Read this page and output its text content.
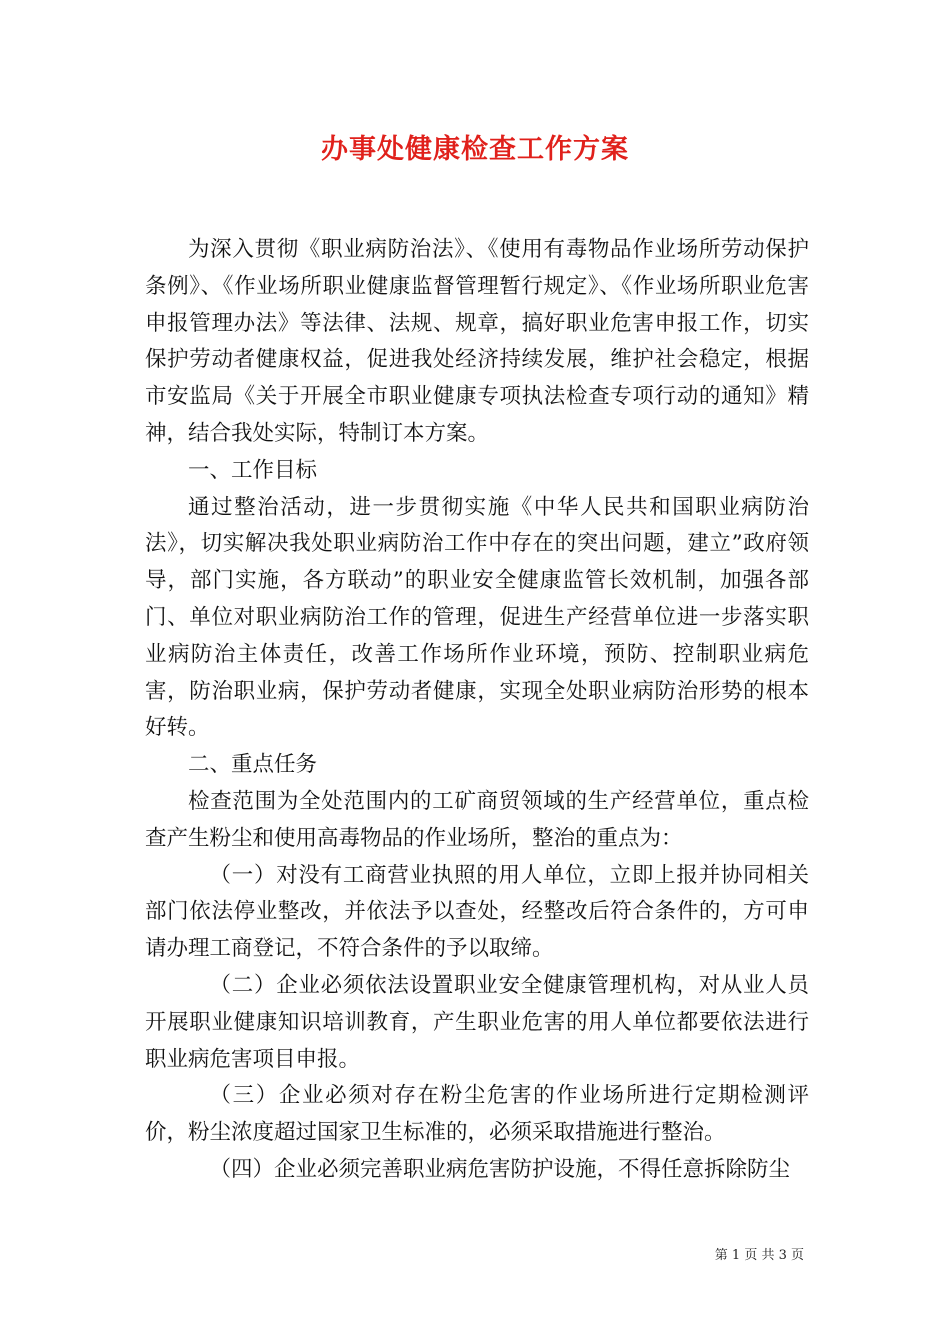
办事处健康检查工作方案

为深入贯彻《职业病防治法》、《使用有毒物品作业场所劳动保护条例》、《作业场所职业健康监督管理暂行规定》、《作业场所职业危害申报管理办法》等法律、法规、规章，搞好职业危害申报工作，切实保护劳动者健康权益，促进我处经济持续发展，维护社会稳定，根据市安监局《关于开展全市职业健康专项执法检查专项行动的通知》精神，结合我处实际，特制订本方案。

一、工作目标

通过整治活动，进一步贯彻实施《中华人民共和国职业病防治法》，切实解决我处职业病防治工作中存在的突出问题，建立”政府领导，部门实施，各方联动”的职业安全健康监管长效机制，加强各部门、单位对职业病防治工作的管理，促进生产经营单位进一步落实职业病防治主体责任，改善工作场所作业环境，预防、控制职业病危害，防治职业病，保护劳动者健康，实现全处职业病防治形势的根本好转。

二、重点任务

检查范围为全处范围内的工矿商贸领域的生产经营单位，重点检查产生粉尘和使用高毒物品的作业场所，整治的重点为：

（一）对没有工商营业执照的用人单位，立即上报并协同相关部门依法停业整改，并依法予以查处，经整改后符合条件的，方可申请办理工商登记，不符合条件的予以取缔。

（二）企业必须依法设置职业安全健康管理机构，对从业人员开展职业健康知识培训教育，产生职业危害的用人单位都要依法进行职业病危害项目申报。

（三）企业必须对存在粉尘危害的作业场所进行定期检测评价，粉尘浓度超过国家卫生标准的，必须采取措施进行整治。

（四）企业必须完善职业病危害防护设施，不得任意拆除防尘

第 1 页 共 3 页
